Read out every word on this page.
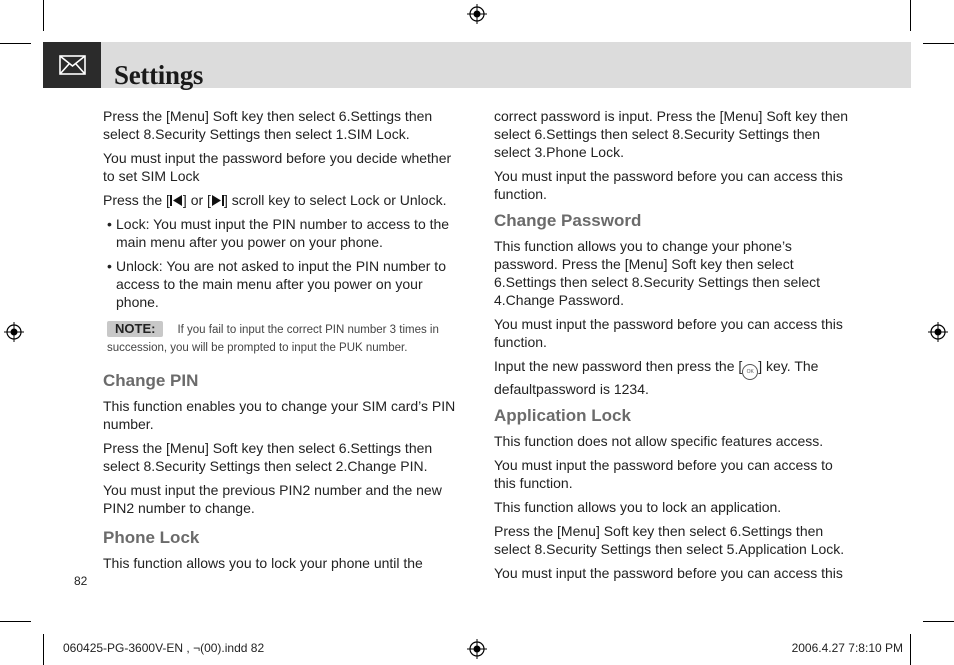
Settings

Press the [Menu] Soft key then select 6.Settings then select 8.Security Settings then select 1.SIM Lock.

You must input the password before you decide whether to set SIM Lock

Press the [ ] or [ ] scroll key to select Lock or Unlock.

• Lock: You must input the PIN number to access to the main menu after you power on your phone.
• Unlock: You are not asked to input the PIN number to access to the main menu after you power on your phone.
NOTE: If you fail to input the correct PIN number 3 times in succession, you will be prompted to input the PUK number.
Change PIN

This function enables you to change your SIM card’s PIN number.

Press the [Menu] Soft key then select 6.Settings then select 8.Security Settings then select 2.Change PIN.

You must input the previous PIN2 number and the new PIN2 number to change.

Phone Lock

This function allows you to lock your phone until the

correct password is input. Press the [Menu] Soft key then select 6.Settings then select 8.Security Settings then select 3.Phone Lock.

You must input the password before you can access this function.

Change Password

This function allows you to change your phone’s password. Press the [Menu] Soft key then select 6.Settings then select 8.Security Settings then select 4.Change Password.

You must input the password before you can access this function.

Input the new password then press the [ OK ] key. The defaultpassword is 1234.

Application Lock

This function does not allow specific features access.

You must input the password before you can access to this function.

This function allows you to lock an application.

Press the [Menu] Soft key then select 6.Settings then select 8.Security Settings then select 5.Application Lock.

You must input the password before you can access this

82
060425-PG-3600V-EN , ¬(00).indd 82	2006.4.27 7:8:10 PM
